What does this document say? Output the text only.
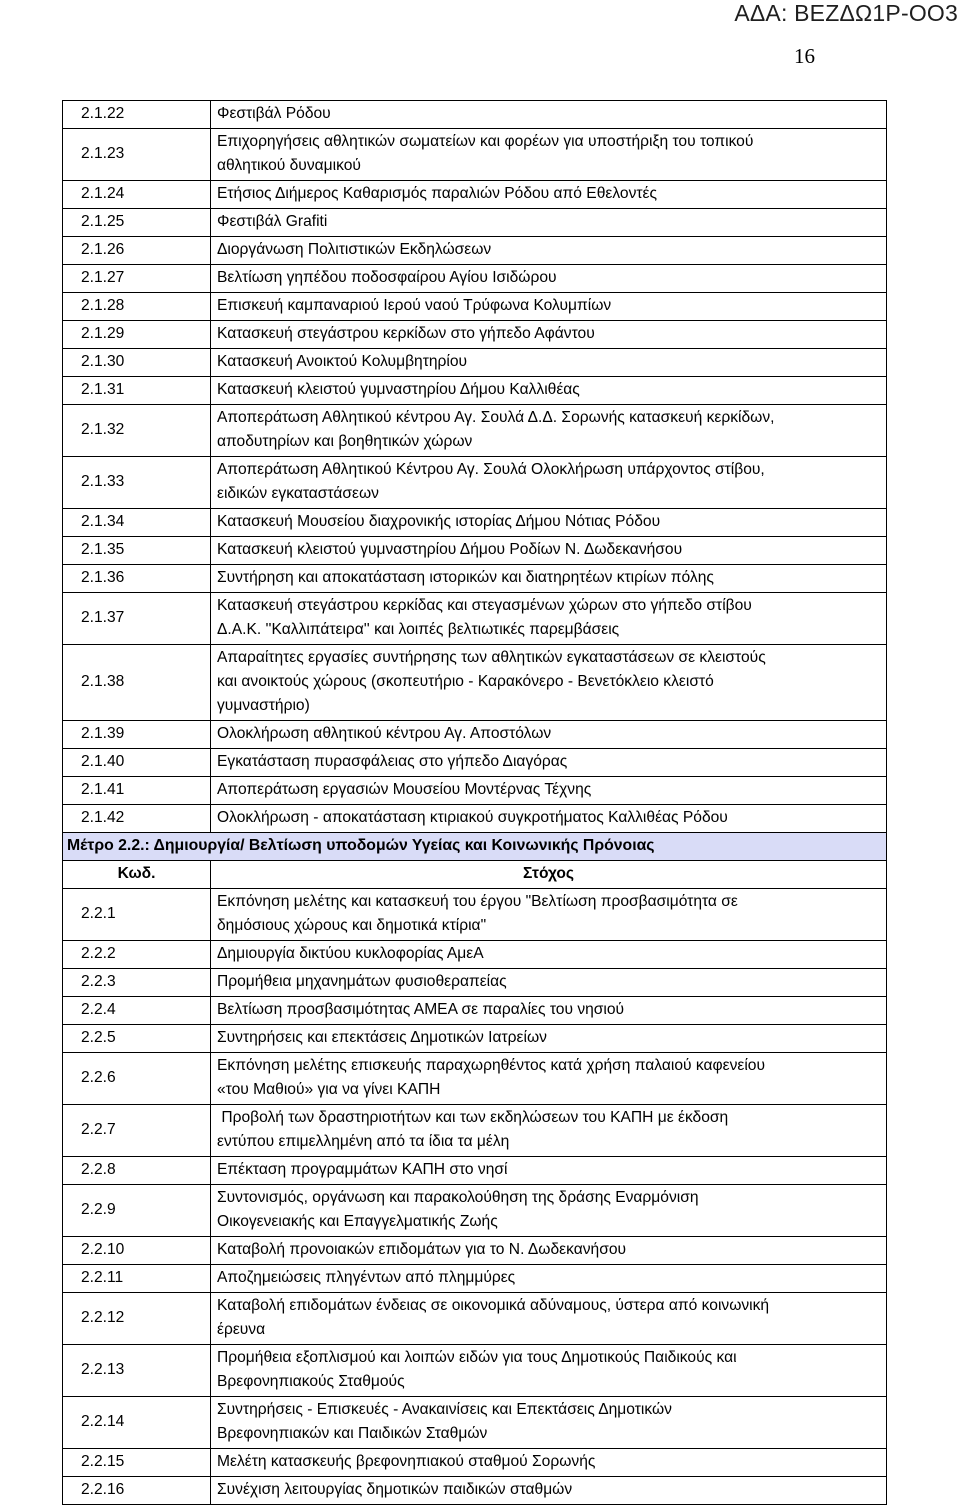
ΑΔΑ: ΒΕΖΔΩ1Ρ-ΟΟ3
16
2.1.22	Φεστιβάλ Ρόδου

2.1.23	Επιχορηγήσεις αθλητικών σωματείων και φορέων για υποστήριξη του τοπικού
αθλητικού δυναμικού

2.1.24	Ετήσιος Διήμερος Καθαρισμός παραλιών Ρόδου από Εθελοντές

2.1.25	Φεστιβάλ Grafiti

2.1.26	Διοργάνωση Πολιτιστικών Εκδηλώσεων

2.1.27	Βελτίωση γηπέδου ποδοσφαίρου Αγίου Ισιδώρου

2.1.28	Επισκευή καμπαναριού Ιερού ναού Τρύφωνα Κολυμπίων

2.1.29	Κατασκευή στεγάστρου κερκίδων στο γήπεδο Αφάντου

2.1.30	Κατασκευή Ανοικτού Κολυμβητηρίου

2.1.31	Κατασκευή κλειστού γυμναστηρίου Δήμου Καλλιθέας

2.1.32	Αποπεράτωση Αθλητικού κέντρου Αγ. Σουλά Δ.Δ. Σορωνής κατασκευή κερκίδων,
αποδυτηρίων και βοηθητικών χώρων

2.1.33	Αποπεράτωση Αθλητικού Κέντρου Αγ. Σουλά Ολοκλήρωση υπάρχοντος στίβου,
ειδικών εγκαταστάσεων

2.1.34	Κατασκευή Μουσείου διαχρονικής ιστορίας Δήμου Νότιας Ρόδου

2.1.35	Κατασκευή κλειστού γυμναστηρίου Δήμου Ροδίων Ν. Δωδεκανήσου

2.1.36	Συντήρηση και αποκατάσταση ιστορικών και διατηρητέων κτιρίων πόλης

2.1.37	Κατασκευή στεγάστρου κερκίδας και στεγασμένων χώρων στο γήπεδο στίβου
Δ.Α.Κ. ''Καλλιπάτειρα'' και λοιπές βελτιωτικές παρεμβάσεις

2.1.38	Απαραίτητες εργασίες συντήρησης των αθλητικών εγκαταστάσεων σε κλειστούς
και ανοικτούς χώρους (σκοπευτήριο - Καρακόνερο - Βενετόκλειο κλειστό
γυμναστήριο)

2.1.39	Ολοκλήρωση αθλητικού κέντρου Αγ. Αποστόλων

2.1.40	Εγκατάσταση πυρασφάλειας στο γήπεδο Διαγόρας

2.1.41	Αποπεράτωση εργασιών Μουσείου Μοντέρνας Τέχνης

2.1.42	Ολοκλήρωση - αποκατάσταση κτιριακού συγκροτήματος Καλλιθέας Ρόδου

Μέτρο 2.2.: Δημιουργία/ Βελτίωση υποδομών Υγείας και Κοινωνικής Πρόνοιας	
Κωδ.	Στόχος
2.2.1	Εκπόνηση μελέτης και κατασκευή του έργου "Βελτίωση προσβασιμότητα σε
δημόσιους χώρους και δημοτικά κτίρια"

2.2.2	Δημιουργία δικτύου κυκλοφορίας ΑμεΑ

2.2.3	Προμήθεια μηχανημάτων φυσιοθεραπείας

2.2.4	Βελτίωση προσβασιμότητας ΑΜΕΑ σε παραλίες του νησιού

2.2.5	Συντηρήσεις και επεκτάσεις Δημοτικών Ιατρείων

2.2.6	Εκπόνηση μελέτης επισκευής παραχωρηθέντος κατά χρήση παλαιού καφενείου
«του Μαθιού» για να γίνει ΚΑΠΗ

2.2.7	Προβολή των δραστηριοτήτων και των εκδηλώσεων του ΚΑΠΗ με έκδοση
εντύπου επιμελλημένη από τα ίδια τα μέλη

2.2.8	Επέκταση προγραμμάτων ΚΑΠΗ στο νησί

2.2.9	Συντονισμός, οργάνωση και παρακολούθηση της δράσης Εναρμόνιση
Οικογενειακής και Επαγγελματικής Ζωής

2.2.10	Καταβολή προνοιακών επιδομάτων για το Ν. Δωδεκανήσου

2.2.11	Αποζημειώσεις πληγέντων από πλημμύρες

2.2.12	Καταβολή επιδομάτων ένδειας σε οικονομικά αδύναμους, ύστερα από κοινωνική
έρευνα

2.2.13	Προμήθεια εξοπλισμού και λοιπών ειδών για τους Δημοτικούς Παιδικούς και
Βρεφονηπιακούς Σταθμούς

2.2.14	Συντηρήσεις - Επισκευές - Ανακαινίσεις και Επεκτάσεις Δημοτικών
Βρεφονηπιακών και Παιδικών Σταθμών

2.2.15	Μελέτη κατασκευής βρεφονηπιακού σταθμού Σορωνής

2.2.16	Συνέχιση λειτουργίας δημοτικών παιδικών σταθμών
